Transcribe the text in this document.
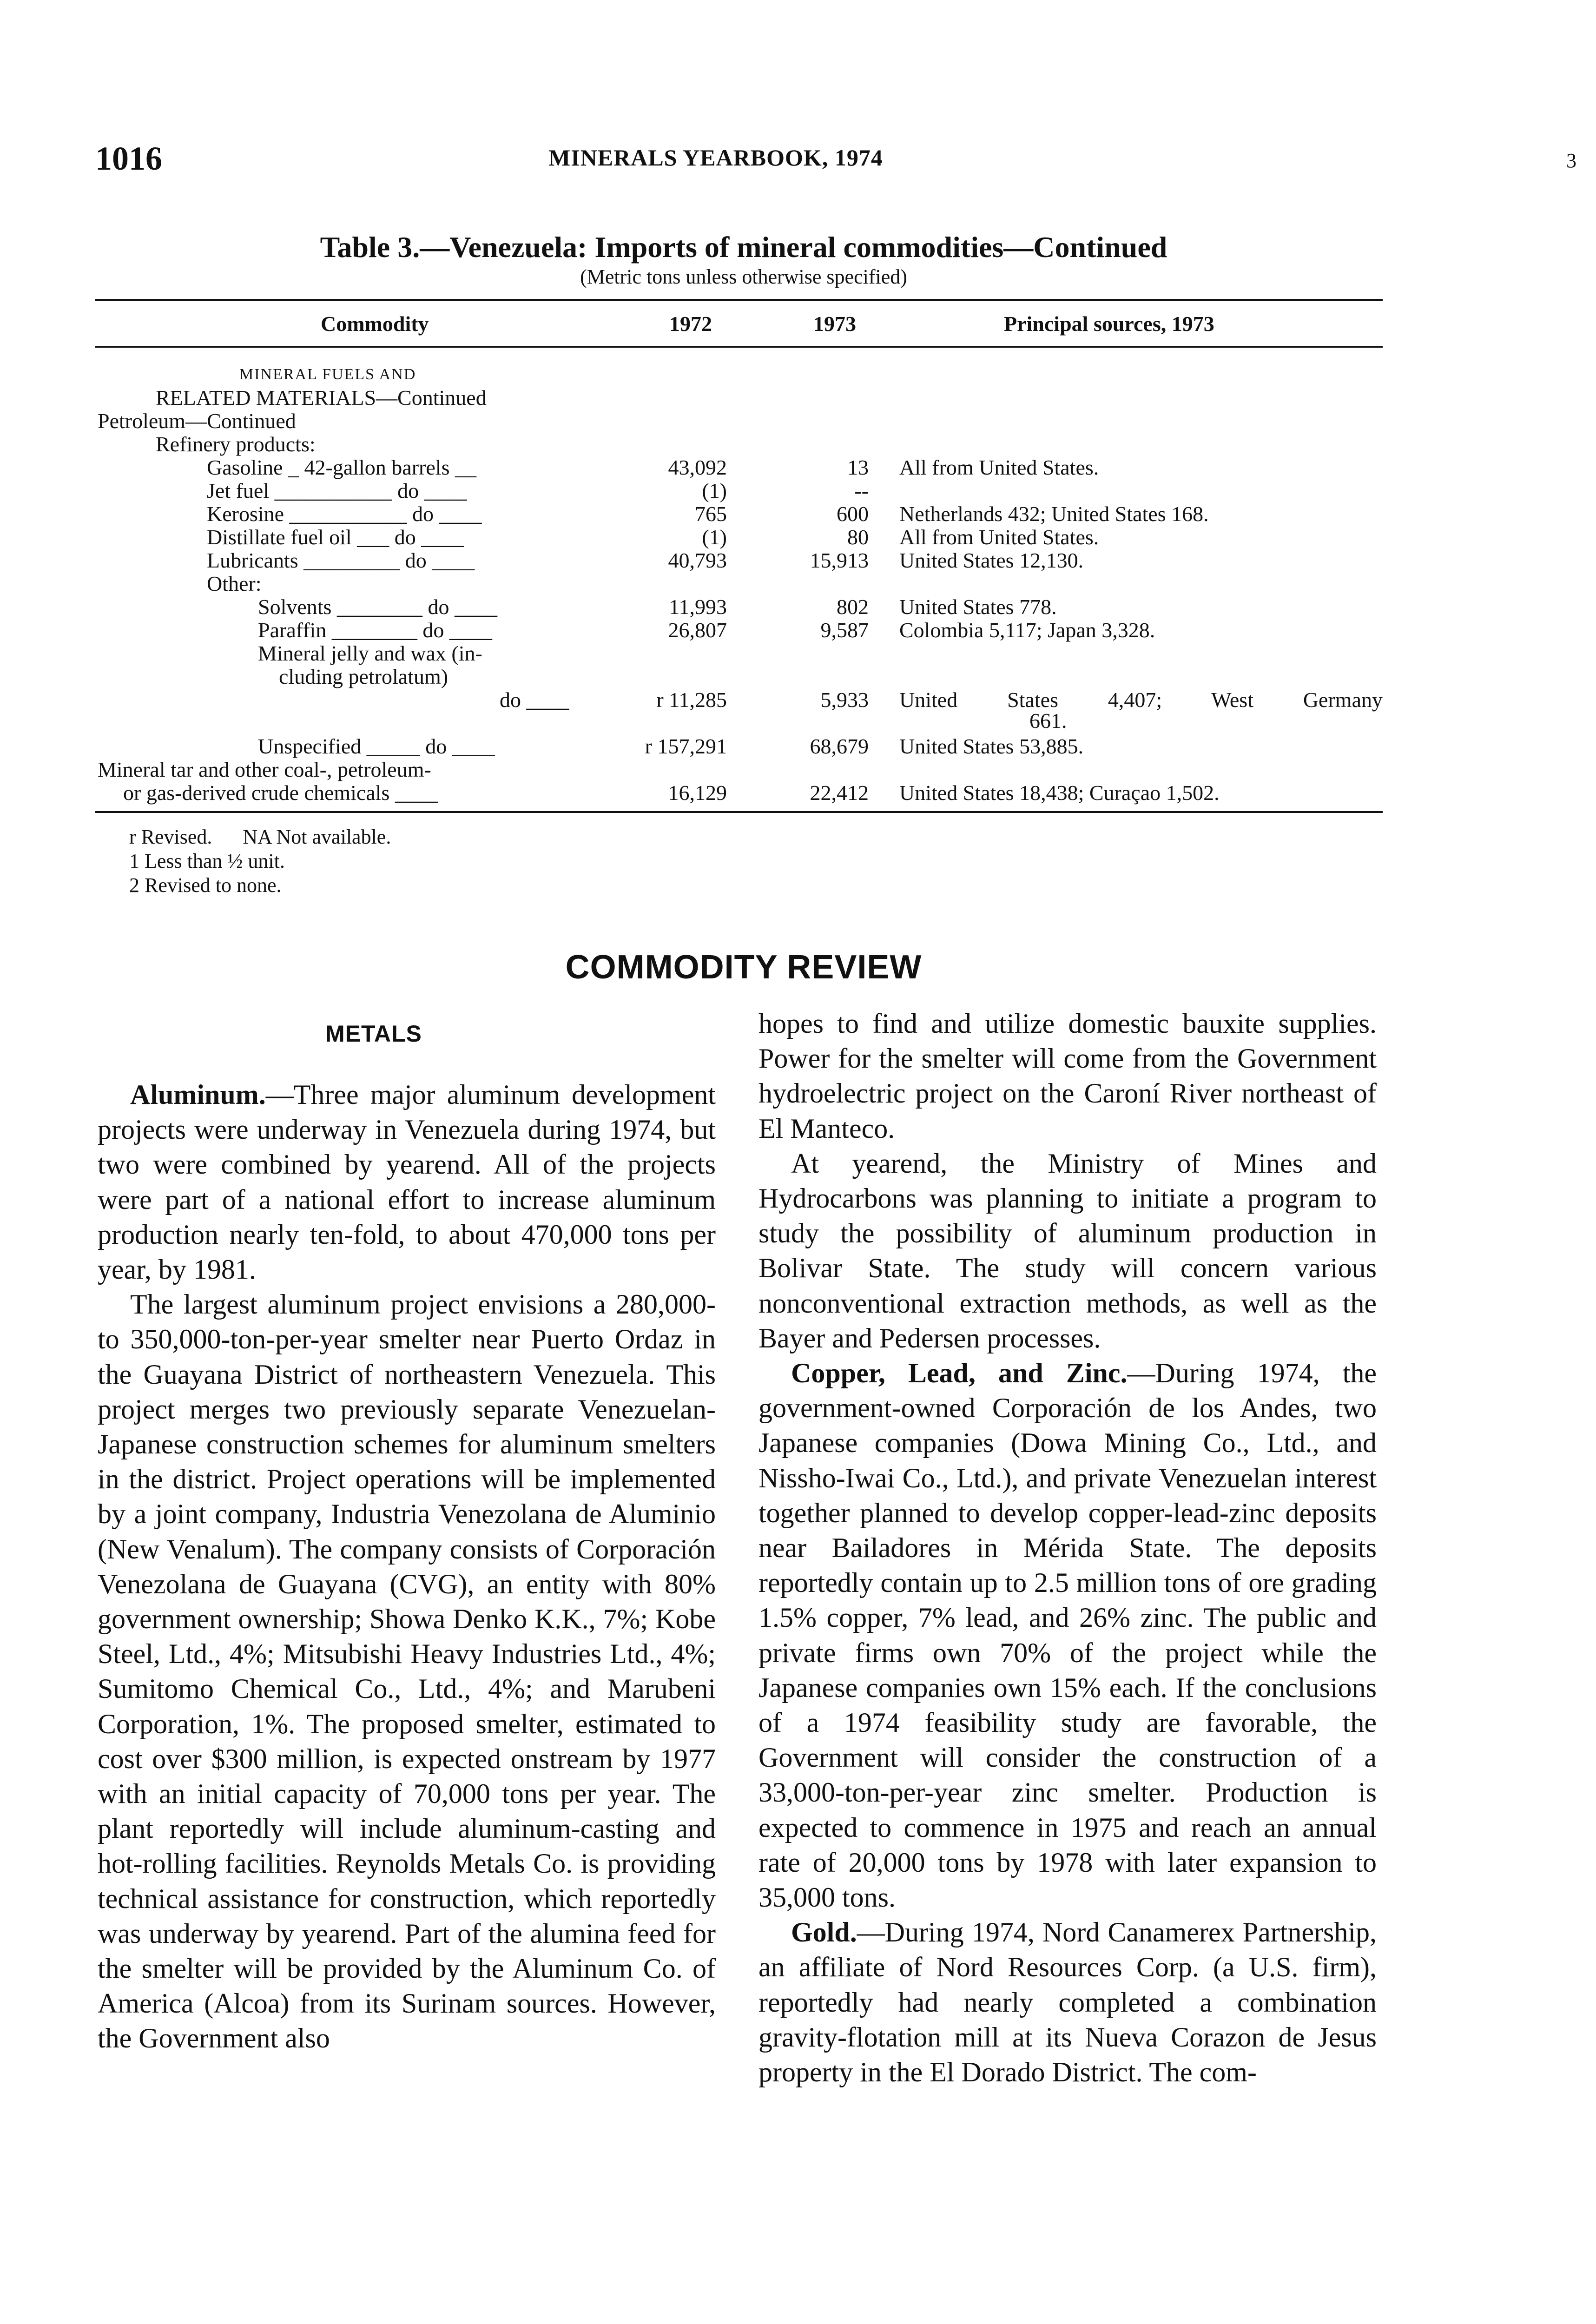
1016	MINERALS YEARBOOK, 1974	3
Table 3.—Venezuela: Imports of mineral commodities—Continued
(Metric tons unless otherwise specified)
Commodity	1972	1973	Principal sources, 1973
MINERAL FUELS AND
RELATED MATERIALS—Continued
Petroleum—Continued
Refinery products:
Gasoline _ 42-gallon barrels __	43,092	13 All from United States.
Jet fuel ___________ do ____	(1)	--
Kerosine ___________ do ____	765	600 Netherlands 432; United States 168.
Distillate fuel oil ___ do ____	(1)	80 All from United States.
Lubricants _________ do ____	40,793	15,913 United States 12,130.
Other:
Solvents ________ do ____	11,993	802 United States 778.
Paraffin ________ do ____	26,807	9,587 Colombia 5,117; Japan 3,328.
Mineral jelly and wax (in-
cluding petrolatum)
do ____	r 11,285	5,933 United States 4,407; West Germany
661.
Unspecified _____ do ____	r 157,291	68,679 United States 53,885.
Mineral tar and other coal-, petroleum-
or gas-derived crude chemicals ____	16,129	22,412 United States 18,438; Curaçao 1,502.
r Revised.      NA Not available.
1 Less than ½ unit.
2 Revised to none.
COMMODITY REVIEW
METALS

Aluminum.—Three major aluminum development projects were underway in Venezuela during 1974, but two were combined by yearend. All of the projects were part of a national effort to increase aluminum production nearly ten-fold, to about 470,000 tons per year, by 1981.

The largest aluminum project envisions a 280,000- to 350,000-ton-per-year smelter near Puerto Ordaz in the Guayana District of northeastern Venezuela. This project merges two previously separate Venezuelan-Japanese construction schemes for aluminum smelters in the district. Project operations will be implemented by a joint company, Industria Venezolana de Aluminio (New Venalum). The company consists of Corporación Venezolana de Guayana (CVG), an entity with 80% government ownership; Showa Denko K.K., 7%; Kobe Steel, Ltd., 4%; Mitsubishi Heavy Industries Ltd., 4%; Sumitomo Chemical Co., Ltd., 4%; and Marubeni Corporation, 1%. The proposed smelter, estimated to cost over $300 million, is expected onstream by 1977 with an initial capacity of 70,000 tons per year. The plant reportedly will include aluminum-casting and hot-rolling facilities. Reynolds Metals Co. is providing technical assistance for construction, which reportedly was underway by yearend. Part of the alumina feed for the smelter will be provided by the Aluminum Co. of America (Alcoa) from its Surinam sources. However, the Government also

hopes to find and utilize domestic bauxite supplies. Power for the smelter will come from the Government hydroelectric project on the Caroní River northeast of El Manteco.

At yearend, the Ministry of Mines and Hydrocarbons was planning to initiate a program to study the possibility of aluminum production in Bolivar State. The study will concern various nonconventional extraction methods, as well as the Bayer and Pedersen processes.

Copper, Lead, and Zinc.—During 1974, the government-owned Corporación de los Andes, two Japanese companies (Dowa Mining Co., Ltd., and Nissho-Iwai Co., Ltd.), and private Venezuelan interest together planned to develop copper-lead-zinc deposits near Bailadores in Mérida State. The deposits reportedly contain up to 2.5 million tons of ore grading 1.5% copper, 7% lead, and 26% zinc. The public and private firms own 70% of the project while the Japanese companies own 15% each. If the conclusions of a 1974 feasibility study are favorable, the Government will consider the construction of a 33,000-ton-per-year zinc smelter. Production is expected to commence in 1975 and reach an annual rate of 20,000 tons by 1978 with later expansion to 35,000 tons.

Gold.—During 1974, Nord Canamerex Partnership, an affiliate of Nord Resources Corp. (a U.S. firm), reportedly had nearly completed a combination gravity-flotation mill at its Nueva Corazon de Jesus property in the El Dorado District. The com-
